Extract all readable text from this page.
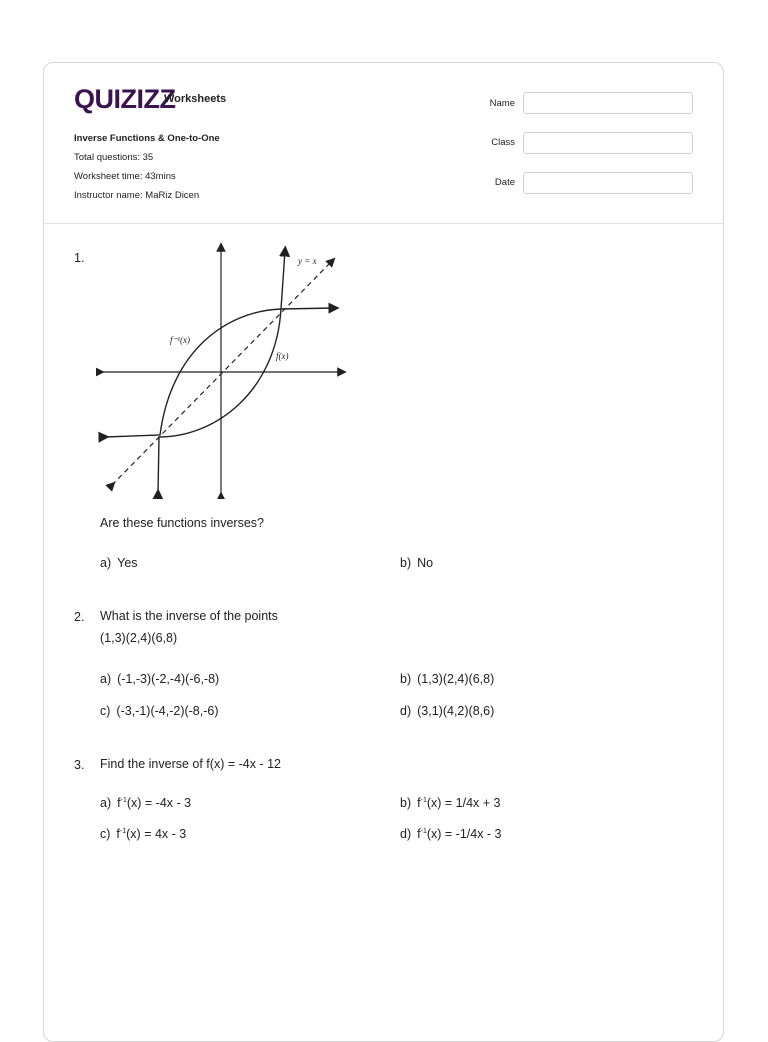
QUIZIZZ
Worksheets
Inverse Functions & One-to-One
Total questions: 35
Worksheet time: 43mins
Instructor name: MaRiz Dicen
Name
Class
Date
1.	y = x
f⁻¹(x)
f(x)
Are these functions inverses?
a) Yes	b) No
2. What is the inverse of the points
(1,3)(2,4)(6,8)
a) (-1,-3)(-2,-4)(-6,-8)	b) (1,3)(2,4)(6,8)
c) (-3,-1)(-4,-2)(-8,-6)	d) (3,1)(4,2)(8,6)
3. Find the inverse of f(x) = -4x - 12
a) $f^{-1}(x) = -4x - 3$	b) $f^{-1}(x) = 1/4x + 3$
c) $f^{-1}(x) = 4x - 3$	d) $f^{-1}(x) = -1/4x - 3$
